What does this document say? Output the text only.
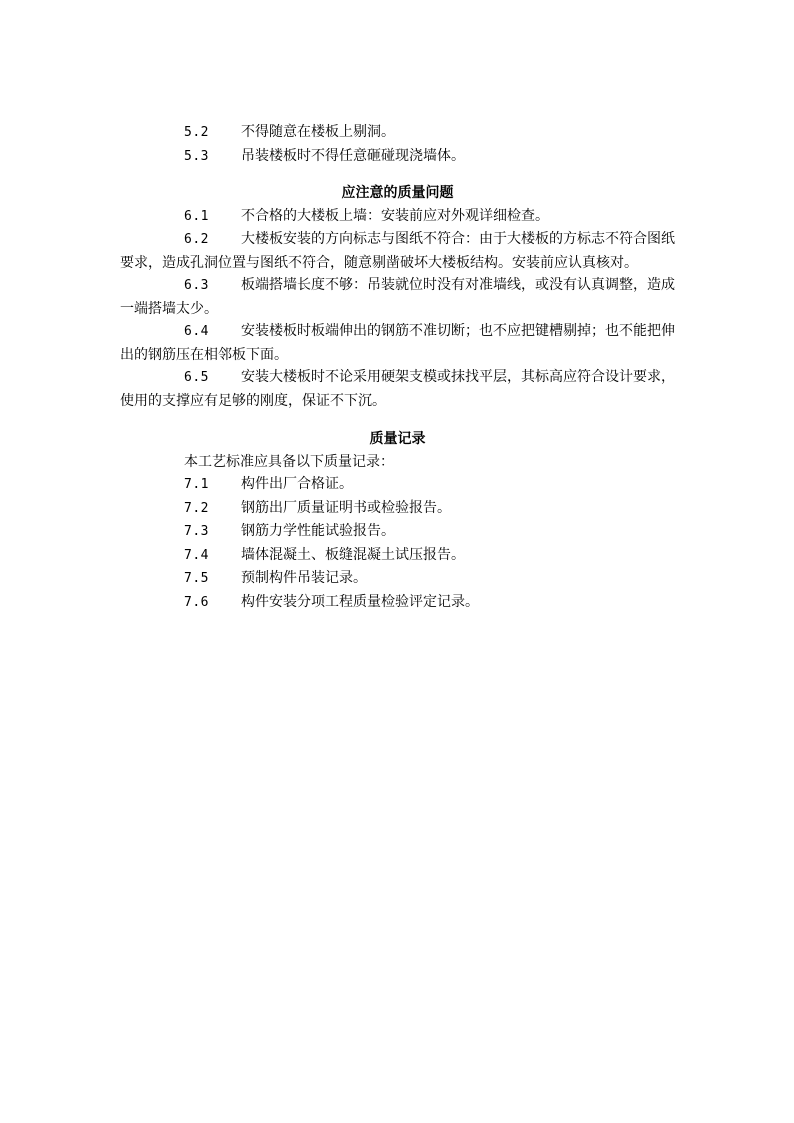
5.2 不得随意在楼板上剔洞。

5.3 吊装楼板时不得任意砸碰现浇墙体。

应注意的质量问题

6.1 不合格的大楼板上墙：安装前应对外观详细检查。

6.2 大楼板安装的方向标志与图纸不符合：由于大楼板的方标志不符合图纸要求，造成孔洞位置与图纸不符合，随意剔凿破坏大楼板结构。安装前应认真核对。

6.3 板端搭墙长度不够：吊装就位时没有对准墙线，或没有认真调整，造成一端搭墙太少。

6.4 安装楼板时板端伸出的钢筋不准切断；也不应把键槽剔掉；也不能把伸出的钢筋压在相邻板下面。

6.5 安装大楼板时不论采用硬架支模或抹找平层，其标高应符合设计要求，使用的支撑应有足够的刚度，保证不下沉。

质量记录

本工艺标准应具备以下质量记录：

7.1 构件出厂合格证。

7.2 钢筋出厂质量证明书或检验报告。

7.3 钢筋力学性能试验报告。

7.4 墙体混凝土、板缝混凝土试压报告。

7.5 预制构件吊装记录。

7.6 构件安装分项工程质量检验评定记录。
